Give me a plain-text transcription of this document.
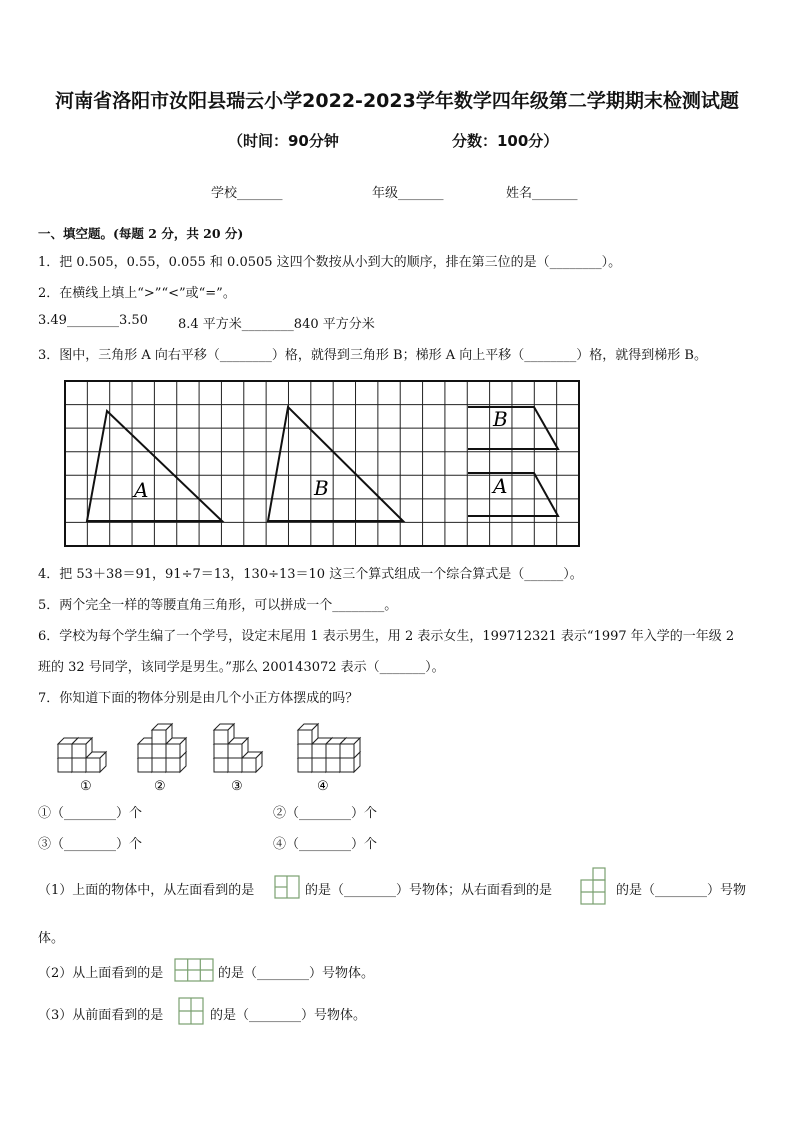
河南省洛阳市汝阳县瑞云小学2022-2023学年数学四年级第二学期期末检测试题
（时间：90分钟	分数：100分）
学校_______	年级_______	姓名_______
一、填空题。(每题 2 分，共 20 分)
1．把 0.505，0.55，0.055 和 0.0505 这四个数按从小到大的顺序，排在第三位的是（________）。
2．在横线上填上“>”“<”或“=”。
3.49________3.50 8.4 平方米________840 平方分米
3．图中，三角形 A 向右平移（________）格，就得到三角形 B；梯形 A 向上平移（________）格，就得到梯形 B。
A	B
B
A
4．把 53＋38＝91，91÷7＝13，130÷13＝10 这三个算式组成一个综合算式是（______）。
5．两个完全一样的等腰直角三角形，可以拼成一个________。
6．学校为每个学生编了一个学号，设定末尾用 1 表示男生，用 2 表示女生，199712321 表示“1997 年入学的一年级 2
班的 32 号同学，该同学是男生。”那么 200143072 表示（_______）。
7．你知道下面的物体分别是由几个小正方体摆成的吗？
①	②	③	④
①（________）个	②（________）个
③（________）个	④（________）个
（1）上面的物体中，从左面看到的是	的是（________）号物体；从右面看到的是	的是（________）号物
体。
（2）从上面看到的是	的是（________）号物体。
（3）从前面看到的是	的是（________）号物体。
